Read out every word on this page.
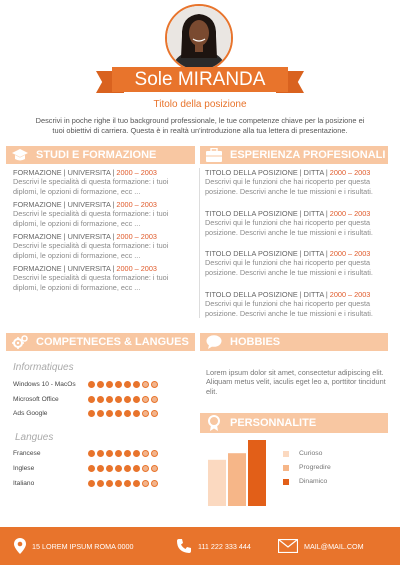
Sole MIRANDA
Titolo della posizione
Descrivi in poche righe il tuo background professionale, le tue competenze chiave per la posizione ei tuoi obiettivi di carriera. Questa è in realtà un'introduzione alla tua lettera di presentazione.
STUDI E FORMAZIONE	ESPERIENZA PROFESIONALI
FORMAZIONE | UNIVERSITA | 2000 – 2003
Descrivi le specialità di questa formazione: i tuoi
diplomi, le opzioni di formazione, ecc ...
FORMAZIONE | UNIVERSITA | 2000 – 2003
Descrivi le specialità di questa formazione: i tuoi
diplomi, le opzioni di formazione, ecc ...
FORMAZIONE | UNIVERSITA | 2000 – 2003
Descrivi le specialità di questa formazione: i tuoi
diplomi, le opzioni di formazione, ecc ...
FORMAZIONE | UNIVERSITA | 2000 – 2003
Descrivi le specialità di questa formazione: i tuoi
diplomi, le opzioni di formazione, ecc ...
TITOLO DELLA POSIZIONE | DITTA | 2000 – 2003
Descrivi qui le funzioni che hai ricoperto per questa
posizione. Descrivi anche le tue missioni e i risultati.
TITOLO DELLA POSIZIONE | DITTA | 2000 – 2003
Descrivi qui le funzioni che hai ricoperto per questa
posizione. Descrivi anche le tue missioni e i risultati.
TITOLO DELLA POSIZIONE | DITTA | 2000 – 2003
Descrivi qui le funzioni che hai ricoperto per questa
posizione. Descrivi anche le tue missioni e i risultati.
TITOLO DELLA POSIZIONE | DITTA | 2000 – 2003
Descrivi qui le funzioni che hai ricoperto per questa
posizione. Descrivi anche le tue missioni e i risultati.
COMPETNECES & LANGUES	HOBBIES
Informatiques
Windows 10 - MacOs
Microsoft Office
Ads Google
Langues
Francese
Inglese
Italiano
Lorem ipsum dolor sit amet, consectetur adipiscing elit. Aliquam metus velit, iaculis eget leo a, porttitor tincidunt elit.
PERSONNALITE
Curioso
Progredire
Dinamico
15 LOREM IPSUM ROMA 0000	111 222 333 444	MAIL@MAIL.COM
